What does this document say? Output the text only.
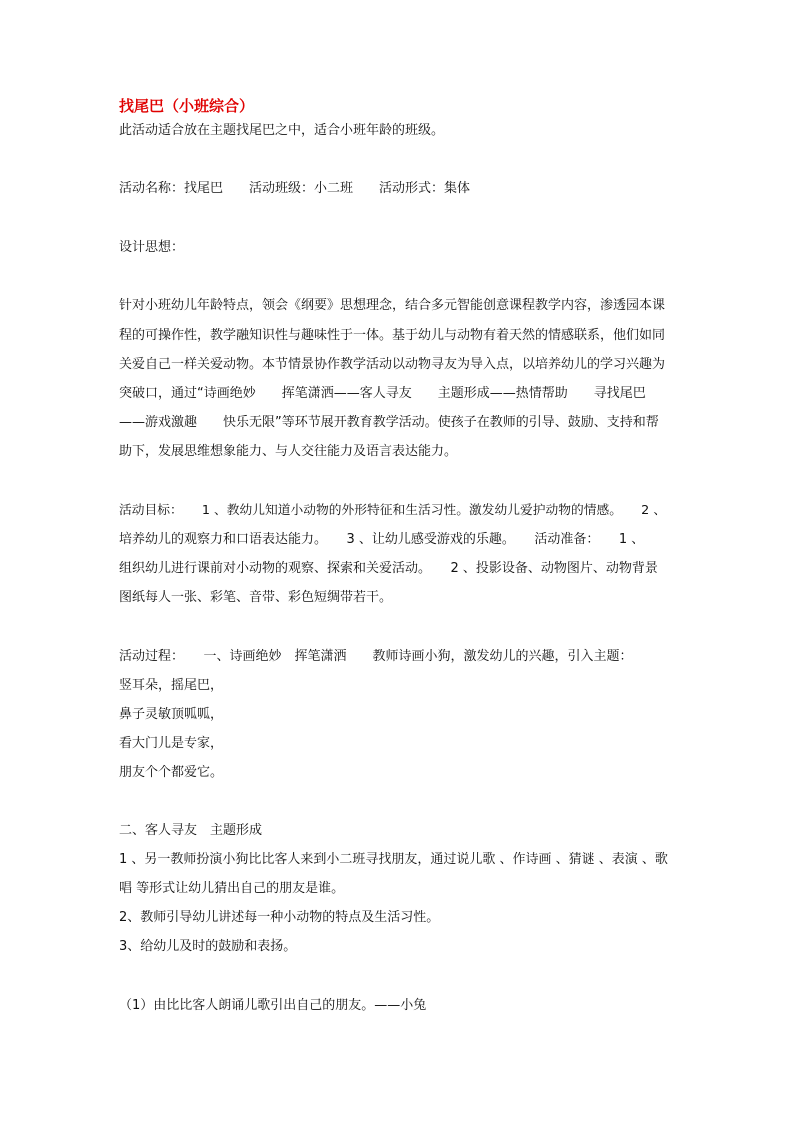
找尾巴（小班综合）
此活动适合放在主题找尾巴之中，适合小班年龄的班级。
活动名称：找尾巴　　活动班级：小二班　　活动形式：集体
设计思想：
针对小班幼儿年龄特点，领会《纲要》思想理念，结合多元智能创意课程教学内容，渗透园本课
程的可操作性，教学融知识性与趣味性于一体。基于幼儿与动物有着天然的情感联系，他们如同
关爱自己一样关爱动物。本节情景协作教学活动以动物寻友为导入点，以培养幼儿的学习兴趣为
突破口，通过“诗画绝妙　　挥笔潇洒——客人寻友　　主题形成——热情帮助　　寻找尾巴
——游戏激趣　　快乐无限”等环节展开教育教学活动。使孩子在教师的引导、鼓励、支持和帮
助下，发展思维想象能力、与人交往能力及语言表达能力。
活动目标：　　1 、教幼儿知道小动物的外形特征和生活习性。激发幼儿爱护动物的情感。　　2 、
培养幼儿的观察力和口语表达能力。　　3 、让幼儿感受游戏的乐趣。　　活动准备：　　1 、
组织幼儿进行课前对小动物的观察、探索和关爱活动。　　2 、投影设备、动物图片、动物背景
图纸每人一张、彩笔、音带、彩色短绸带若干。
活动过程：　　一、诗画绝妙　挥笔潇洒　　教师诗画小狗，激发幼儿的兴趣，引入主题：
竖耳朵，摇尾巴，
鼻子灵敏顶呱呱，
看大门儿是专家，
朋友个个都爱它。
二、客人寻友　主题形成
1 、另一教师扮演小狗比比客人来到小二班寻找朋友，通过说儿歌 、作诗画 、猜谜 、表演 、歌
唱 等形式让幼儿猜出自己的朋友是谁。
2、教师引导幼儿讲述每一种小动物的特点及生活习性。
3、给幼儿及时的鼓励和表扬。
（1）由比比客人朗诵儿歌引出自己的朋友。——小兔
